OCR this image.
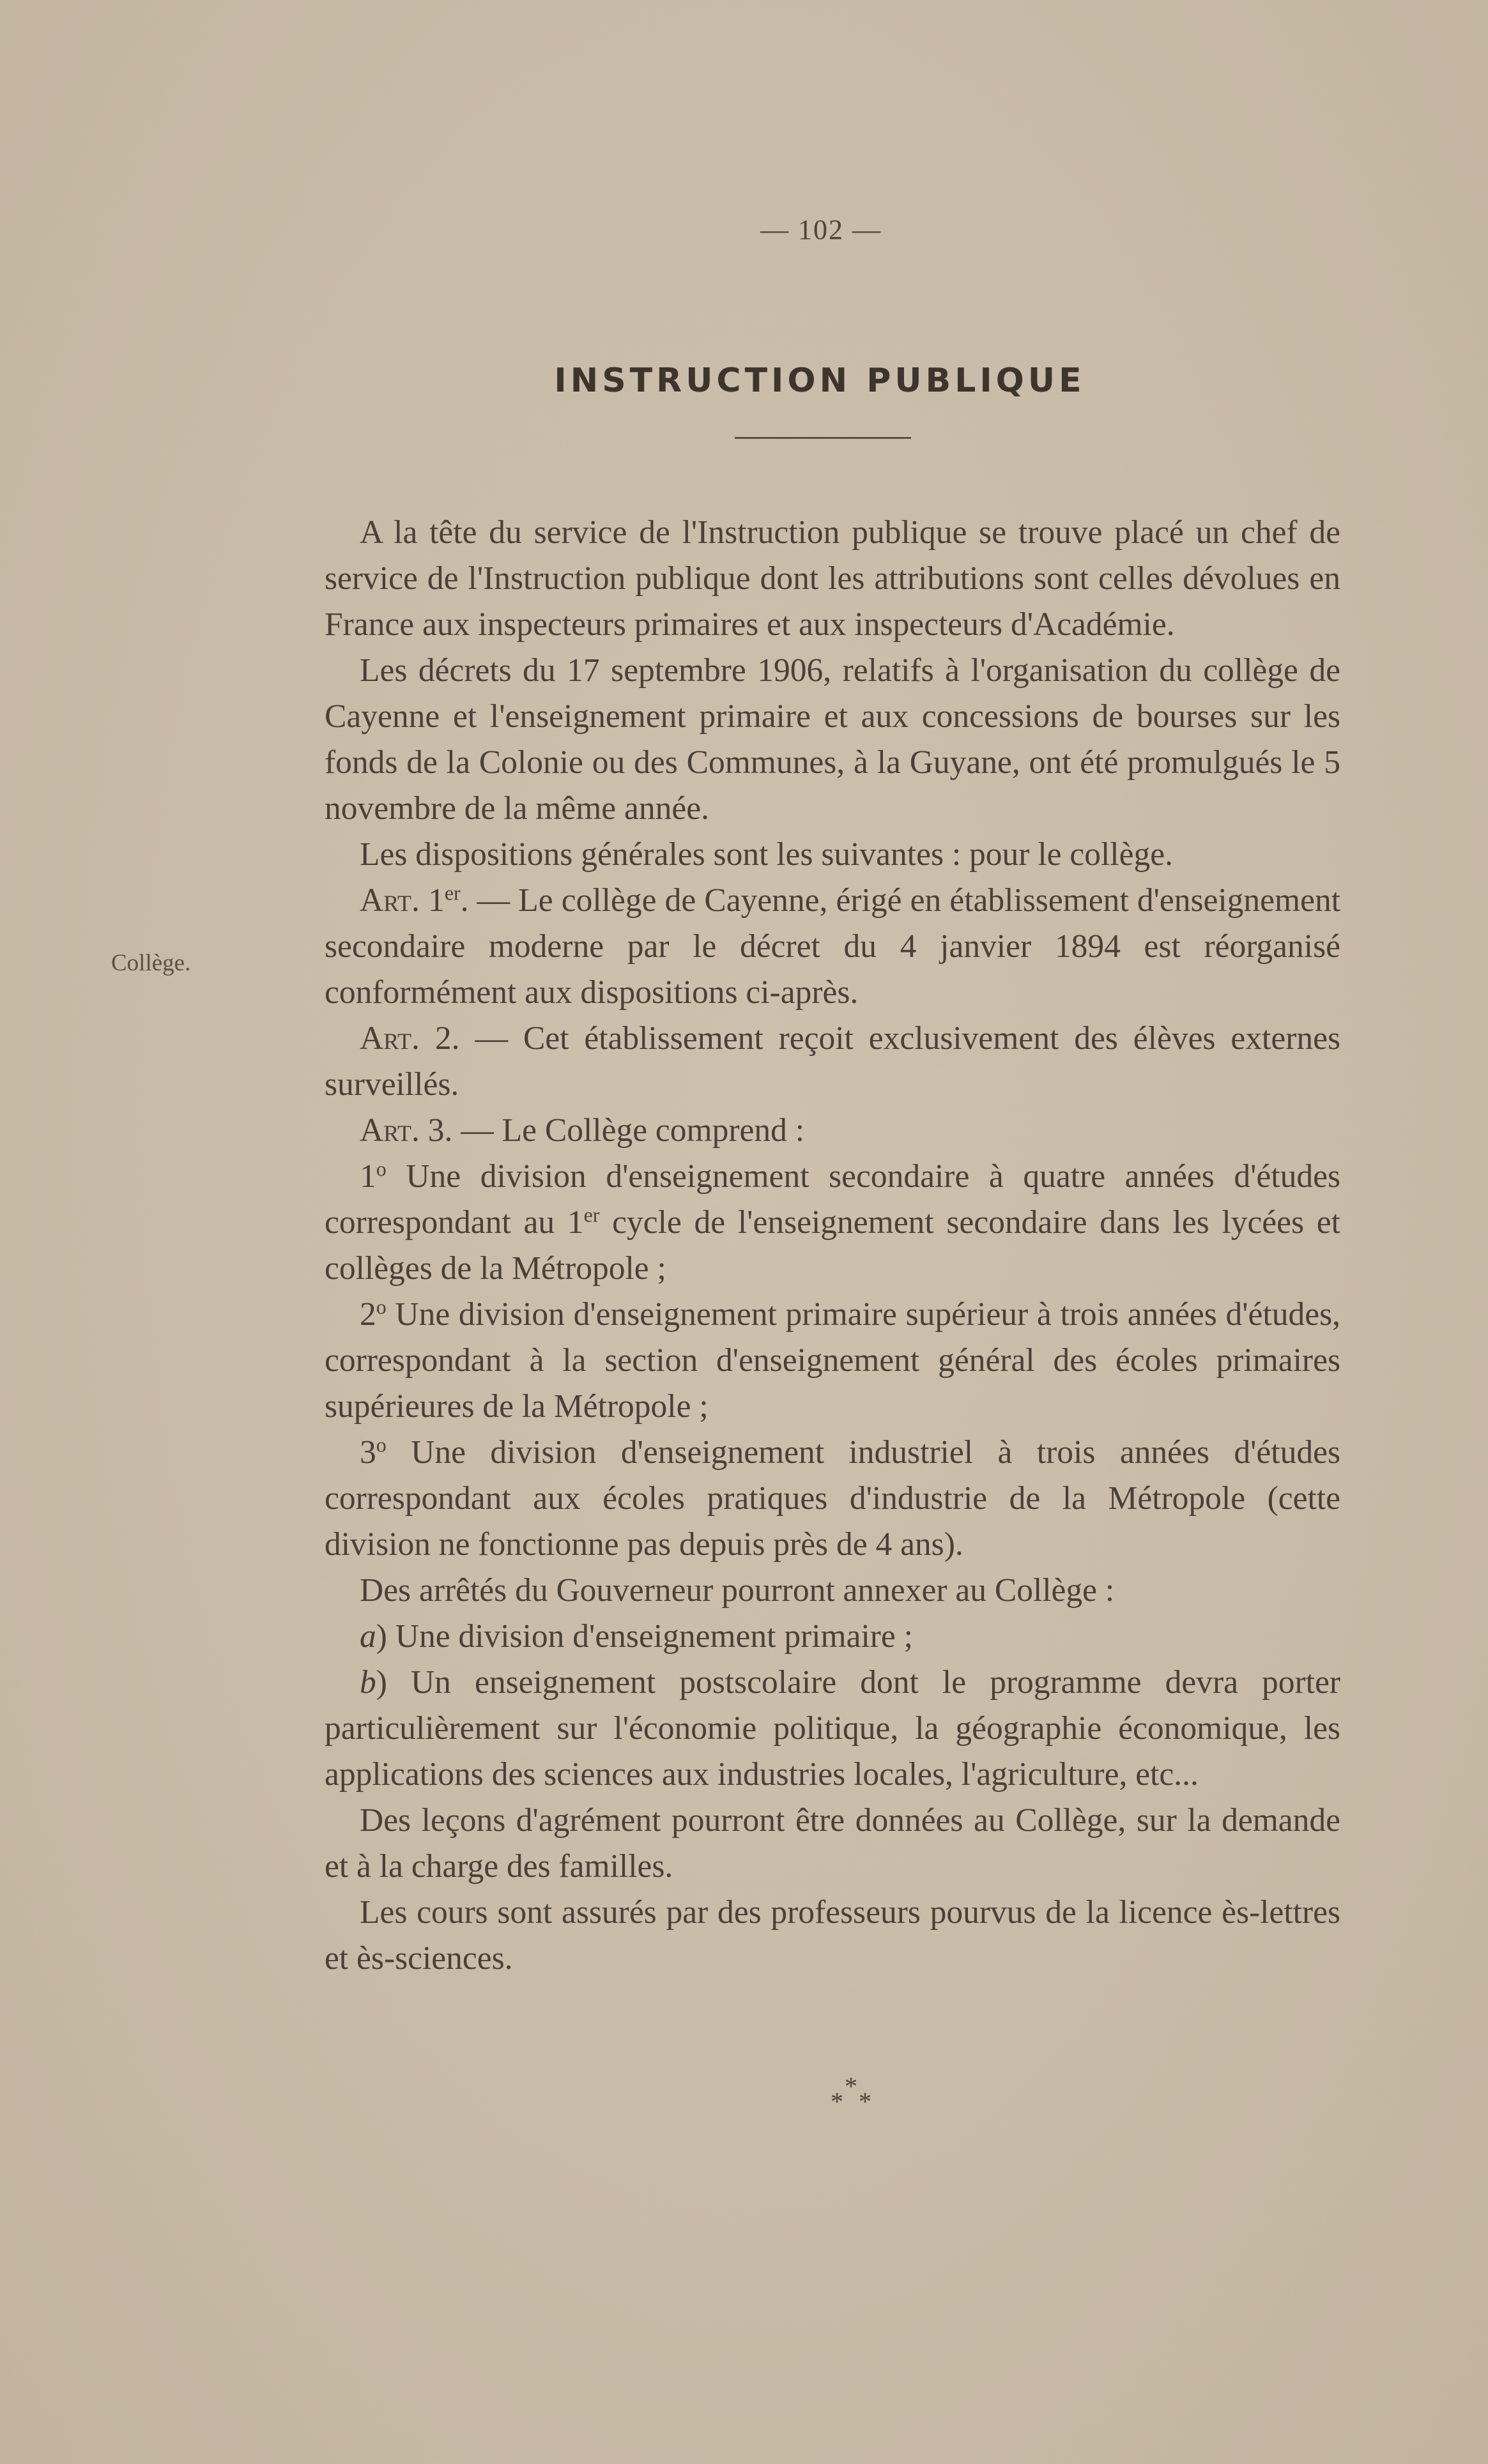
— 102 —
INSTRUCTION PUBLIQUE
Collège.

A la tête du service de l'Instruction publique se trouve placé un chef de service de l'Instruction publique dont les attributions sont celles dévolues en France aux inspecteurs primaires et aux inspecteurs d'Académie.

Les décrets du 17 septembre 1906, relatifs à l'organisation du collège de Cayenne et l'enseignement primaire et aux concessions de bourses sur les fonds de la Colonie ou des Communes, à la Guyane, ont été promulgués le 5 novembre de la même année.

Les dispositions générales sont les suivantes : pour le collège.

Art. 1er. — Le collège de Cayenne, érigé en établissement d'enseignement secondaire moderne par le décret du 4 janvier 1894 est réorganisé conformément aux dispositions ci-après.

Art. 2. — Cet établissement reçoit exclusivement des élèves externes surveillés.

Art. 3. — Le Collège comprend :

1$^o$ Une division d'enseignement secondaire à quatre années d'études correspondant au 1er cycle de l'enseignement secondaire dans les lycées et collèges de la Métropole ;

2$^o$ Une division d'enseignement primaire supérieur à trois années d'études, correspondant à la section d'enseignement général des écoles primaires supérieures de la Métropole ;

3$^o$ Une division d'enseignement industriel à trois années d'études correspondant aux écoles pratiques d'industrie de la Métropole (cette division ne fonctionne pas depuis près de 4 ans).

Des arrêtés du Gouverneur pourront annexer au Collège :

a) Une division d'enseignement primaire ;

b) Un enseignement postscolaire dont le programme devra porter particulièrement sur l'économie politique, la géographie économique, les applications des sciences aux industries locales, l'agriculture, etc...

Des leçons d'agrément pourront être données au Collège, sur la demande et à la charge des familles.

Les cours sont assurés par des professeurs pourvus de la licence ès-lettres et ès-sciences.

*
* *
